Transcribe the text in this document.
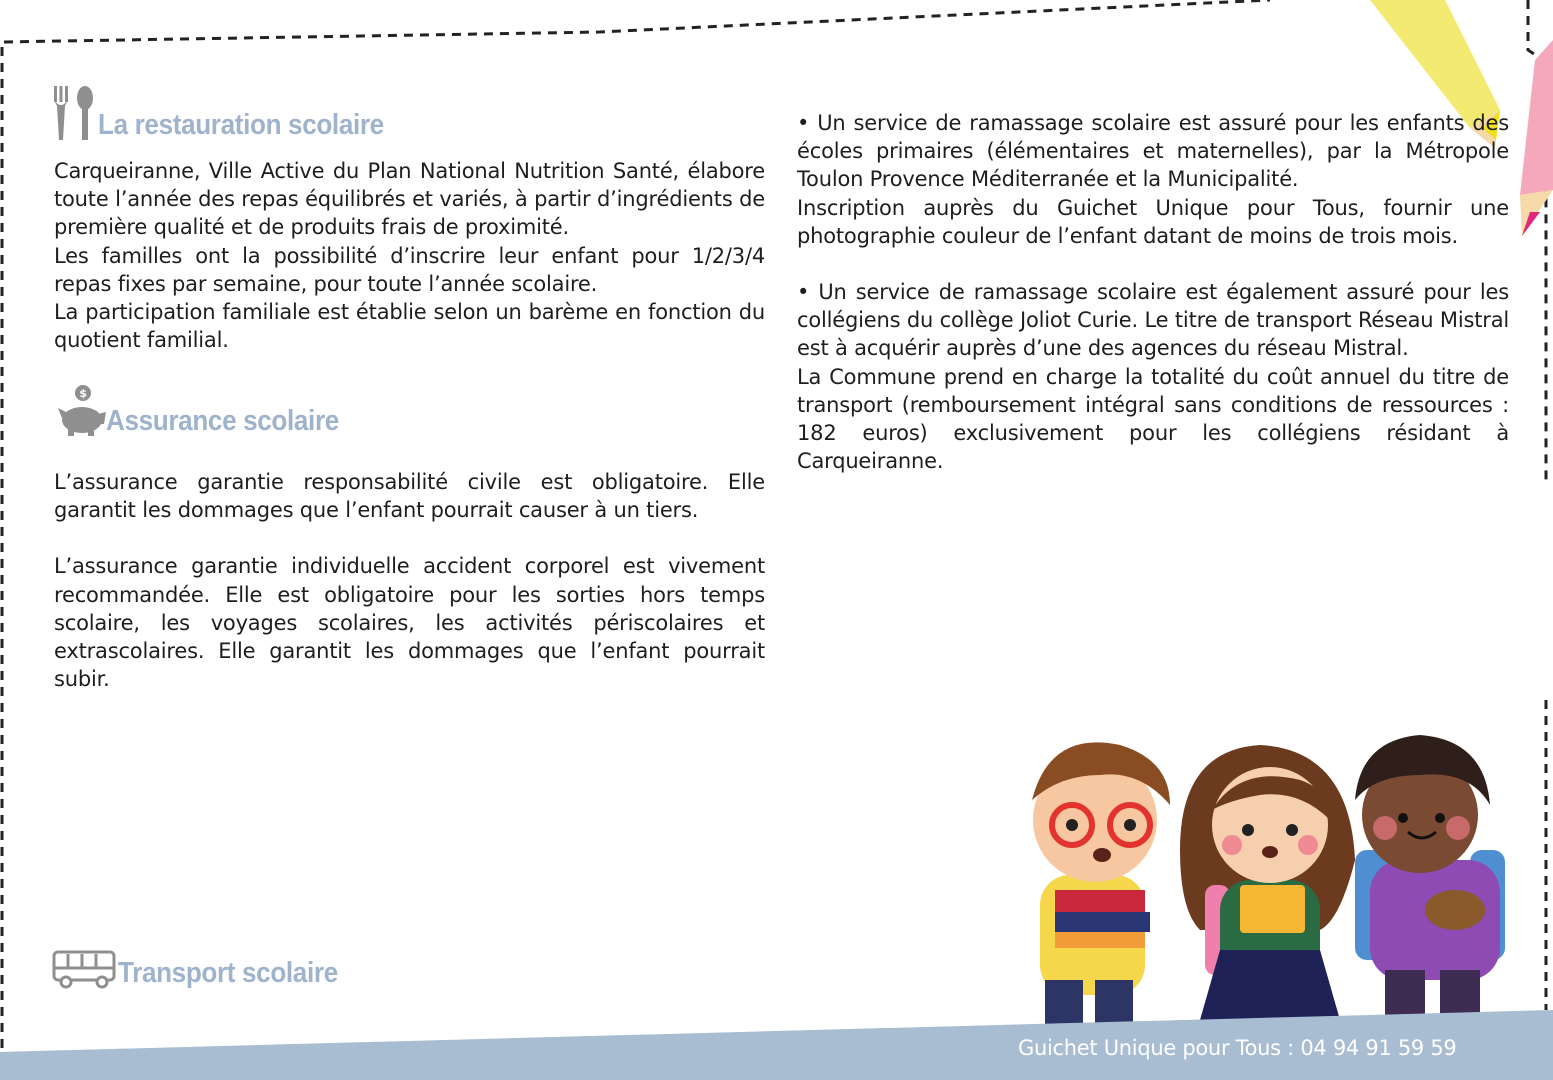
La restauration scolaire

Carqueiranne, Ville Active du Plan National Nutrition Santé, élabore toute l’année des repas équilibrés et variés, à partir d’ingrédients de première qualité et de produits frais de proximité.

Les familles ont la possibilité d’inscrire leur enfant pour 1/2/3/4 repas fixes par semaine, pour toute l’année scolaire.

La participation familiale est établie selon un barème en fonction du quotient familial.

$
Assurance scolaire

L’assurance garantie responsabilité civile est obligatoire. Elle garantit les dommages que l’enfant pourrait causer à un tiers.

L’assurance garantie individuelle accident corporel est vivement recommandée. Elle est obligatoire pour les sorties hors temps scolaire, les voyages scolaires, les activités périscolaires et extrascolaires. Elle garantit les dommages que l’enfant pourrait subir.

Transport scolaire

• Un service de ramassage scolaire est assuré pour les enfants des écoles primaires (élémentaires et maternelles), par la Métropole Toulon Provence Méditerranée et la Municipalité.

Inscription auprès du Guichet Unique pour Tous, fournir une photographie couleur de l’enfant datant de moins de trois mois.

• Un service de ramassage scolaire est également assuré pour les collégiens du collège Joliot Curie. Le titre de transport Réseau Mistral est à acquérir auprès d’une des agences du réseau Mistral.

La Commune prend en charge la totalité du coût annuel du titre de transport (remboursement intégral sans conditions de ressources : 182 euros) exclusivement pour les collégiens résidant à Carqueiranne.

Guichet Unique pour Tous : 04 94 91 59 59
